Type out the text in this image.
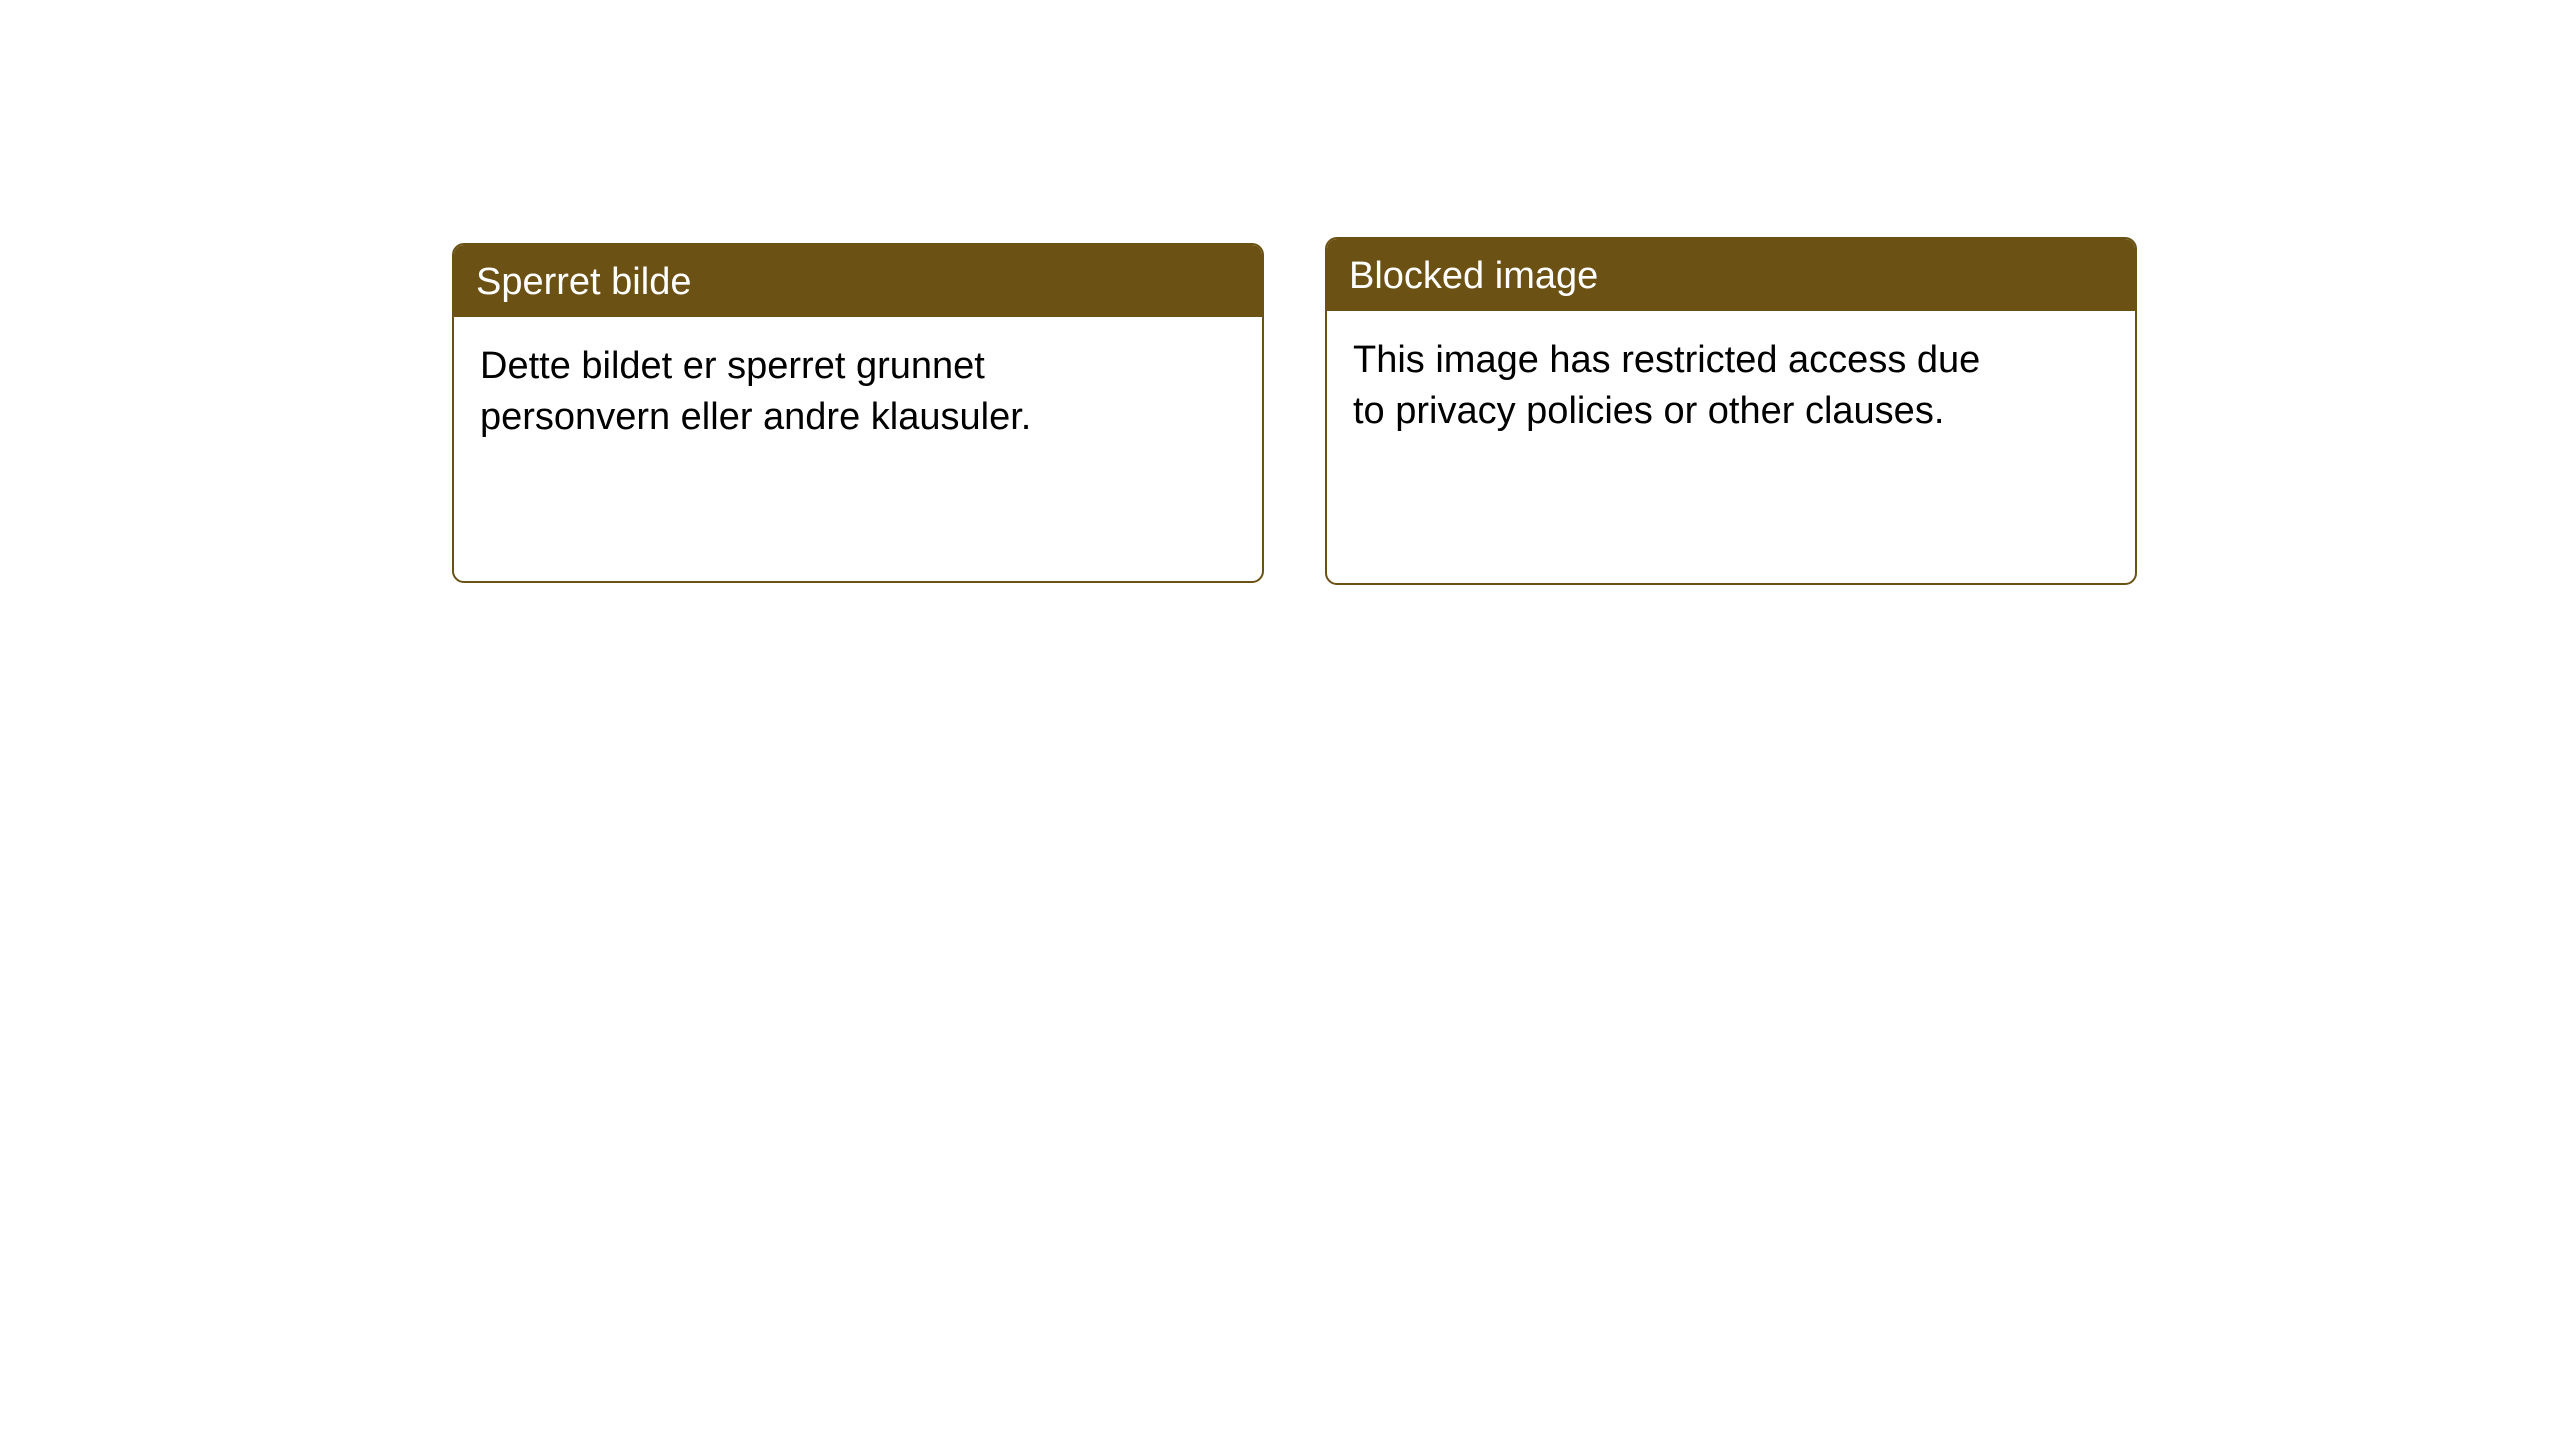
Sperret bilde

Dette bildet er sperret grunnet personvern eller andre klausuler.

Blocked image

This image has restricted access due to privacy policies or other clauses.
